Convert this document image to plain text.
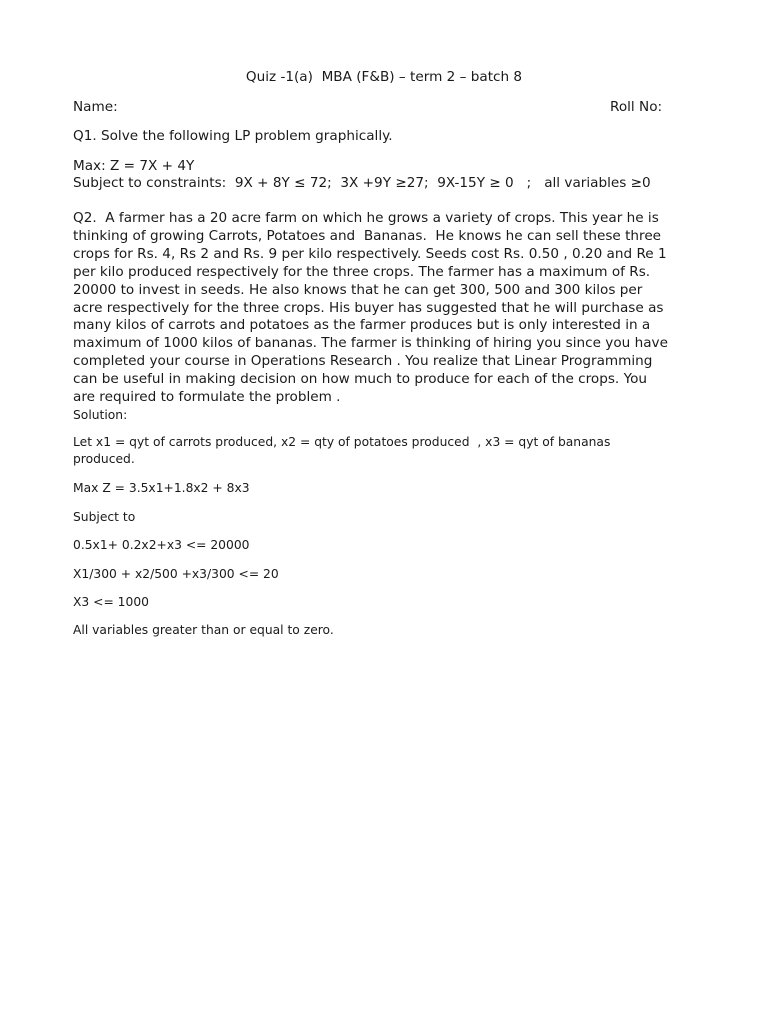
Quiz -1(a)  MBA (F&B) – term 2 – batch 8
Name:	Roll No:
Q1. Solve the following LP problem graphically.
Max: Z = 7X + 4Y
Subject to constraints:  9X + 8Y ≤ 72;  3X +9Y ≥27;  9X-15Y ≥ 0   ;   all variables ≥0
Q2.  A farmer has a 20 acre farm on which he grows a variety of crops. This year he is
thinking of growing Carrots, Potatoes and  Bananas.  He knows he can sell these three
crops for Rs. 4, Rs 2 and Rs. 9 per kilo respectively. Seeds cost Rs. 0.50 , 0.20 and Re 1
per kilo produced respectively for the three crops. The farmer has a maximum of Rs.
20000 to invest in seeds. He also knows that he can get 300, 500 and 300 kilos per
acre respectively for the three crops. His buyer has suggested that he will purchase as
many kilos of carrots and potatoes as the farmer produces but is only interested in a
maximum of 1000 kilos of bananas. The farmer is thinking of hiring you since you have
completed your course in Operations Research . You realize that Linear Programming
can be useful in making decision on how much to produce for each of the crops. You
are required to formulate the problem .
Solution:
Let x1 = qyt of carrots produced, x2 = qty of potatoes produced  , x3 = qyt of bananas
produced.
Max Z = 3.5x1+1.8x2 + 8x3
Subject to
0.5x1+ 0.2x2+x3 <= 20000
X1/300 + x2/500 +x3/300 <= 20
X3 <= 1000
All variables greater than or equal to zero.
